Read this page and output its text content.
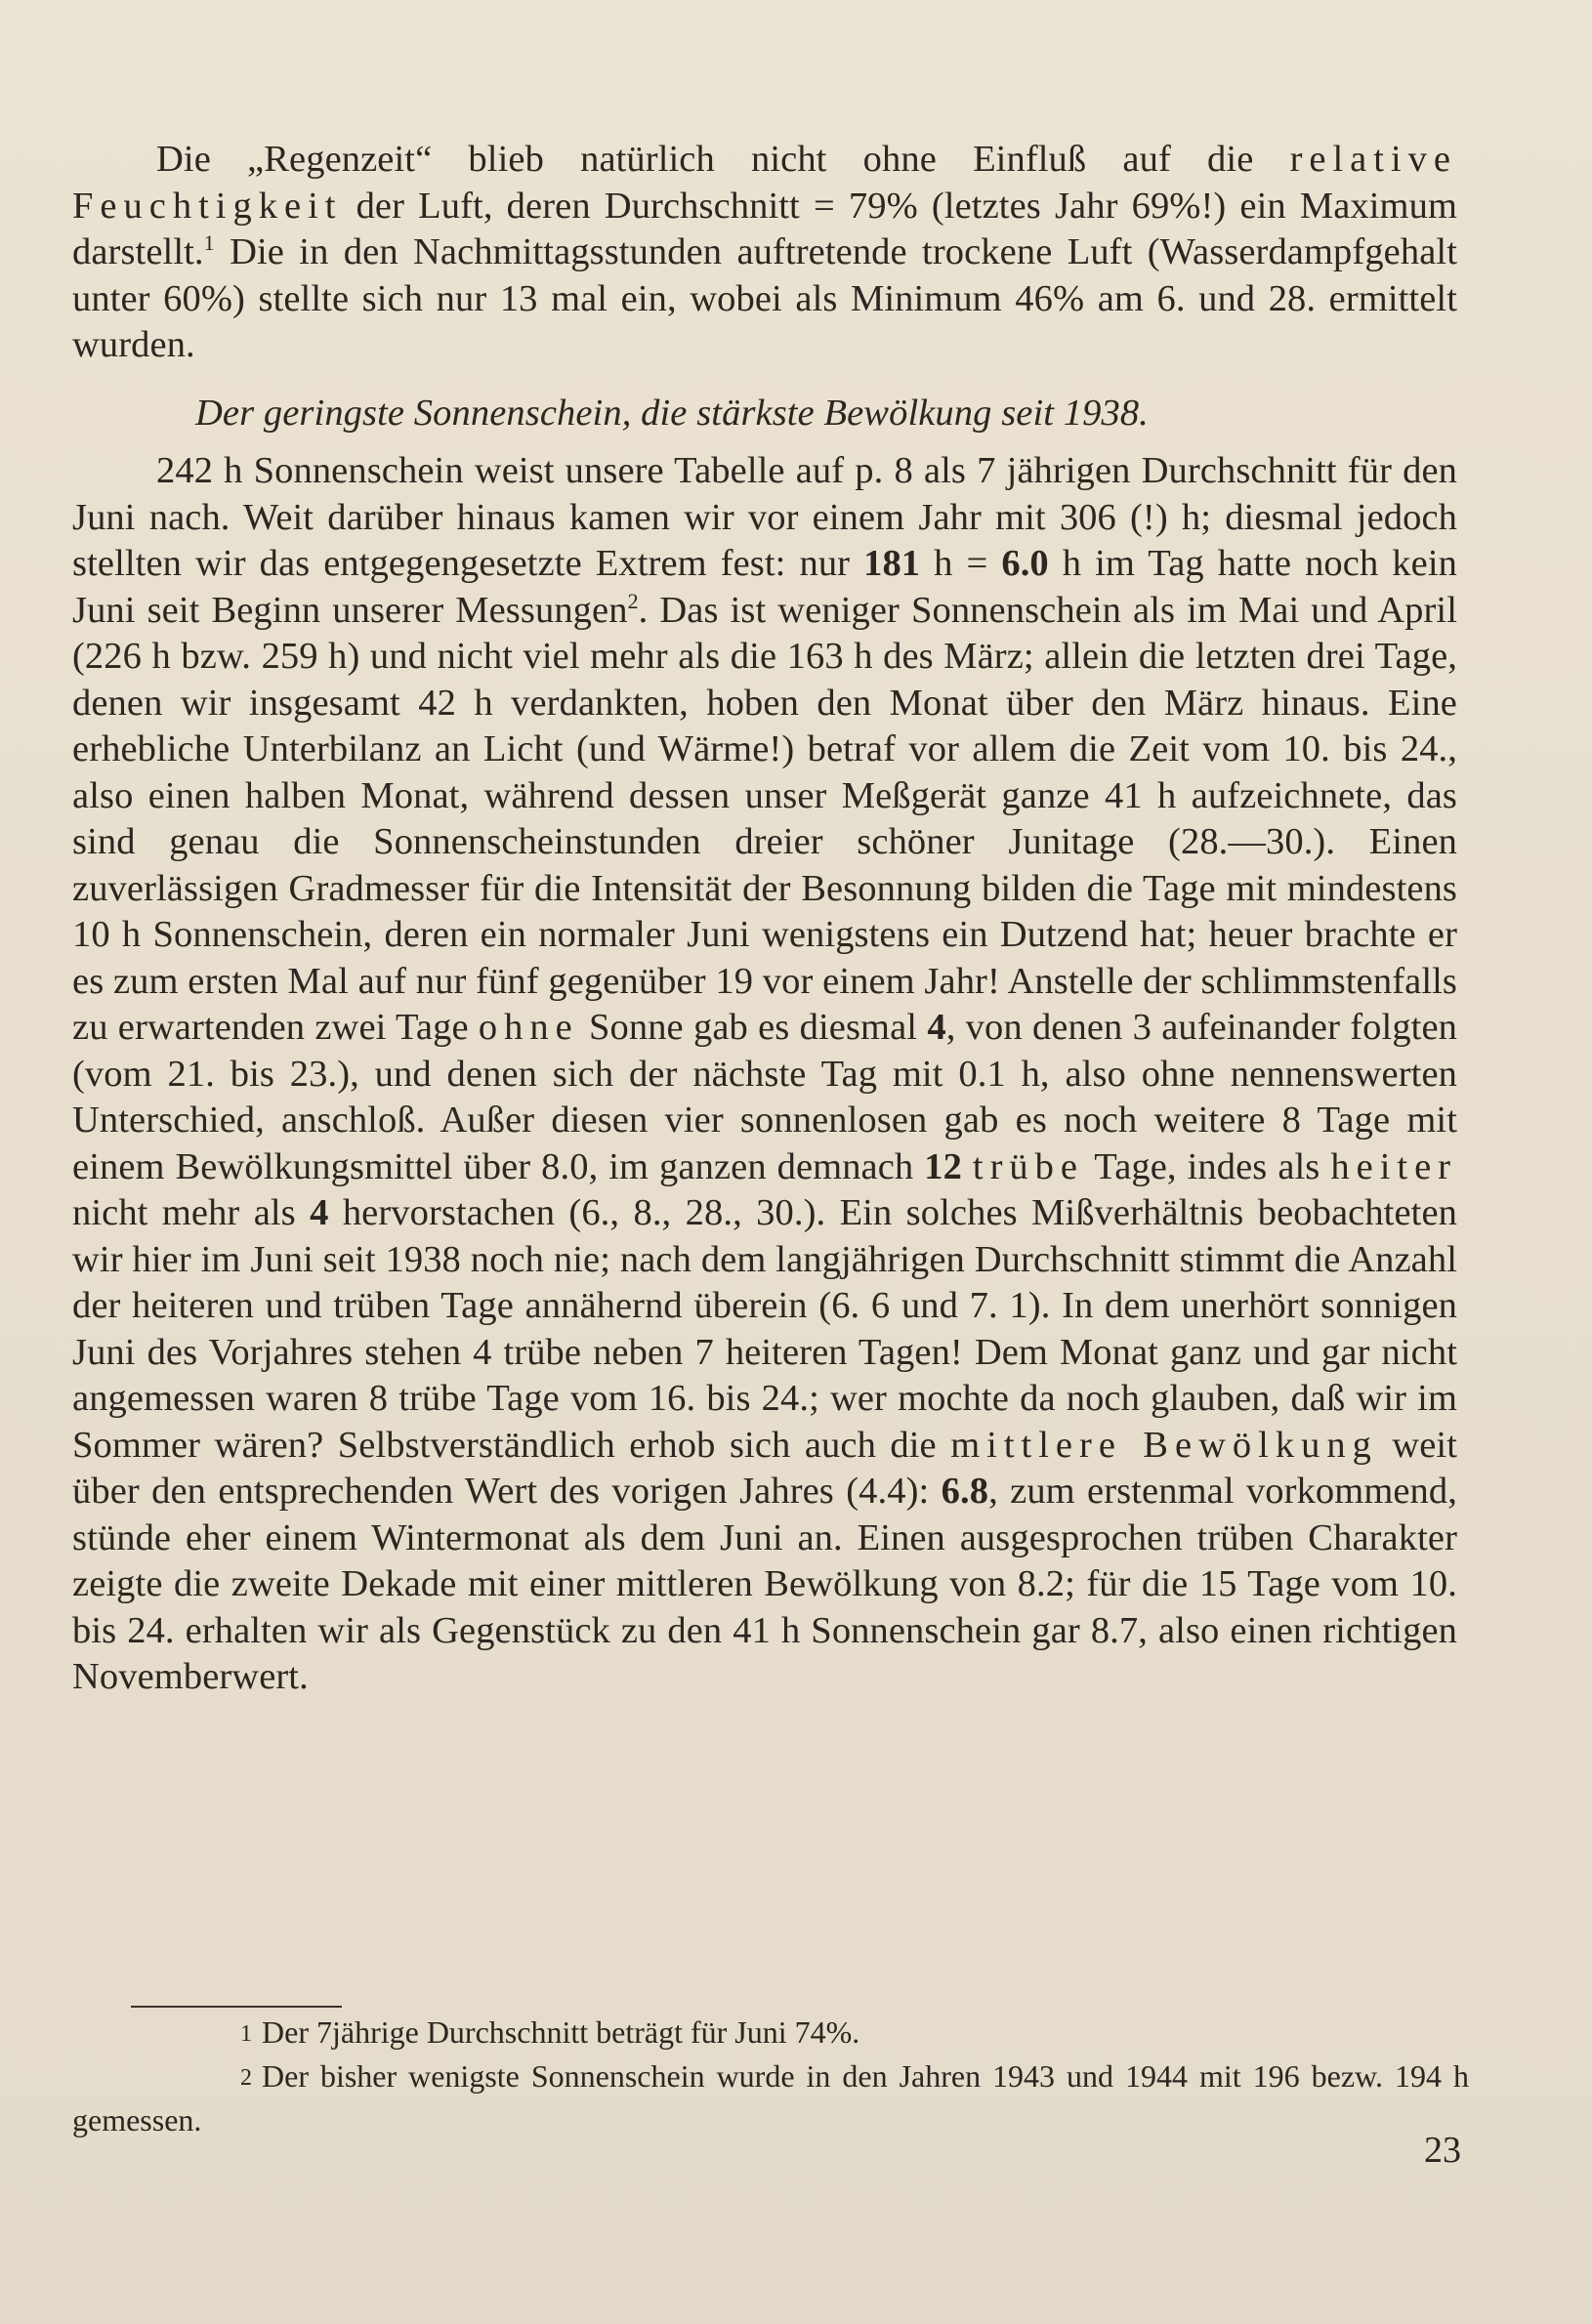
Die „Regenzeit“ blieb natürlich nicht ohne Einfluß auf die relative Feuchtigkeit der Luft, deren Durchschnitt = 79% (letztes Jahr 69%!) ein Maximum darstellt.$^1$ Die in den Nachmittagsstunden auftretende trockene Luft (Wasserdampfgehalt unter 60%) stellte sich nur 13 mal ein, wobei als Minimum 46% am 6. und 28. ermittelt wurden.

Der geringste Sonnenschein, die stärkste Bewölkung seit 1938.

242 h Sonnenschein weist unsere Tabelle auf p. 8 als 7 jährigen Durchschnitt für den Juni nach. Weit darüber hinaus kamen wir vor einem Jahr mit 306 (!) h; diesmal jedoch stellten wir das entgegengesetzte Extrem fest: nur 181 h = 6.0 h im Tag hatte noch kein Juni seit Beginn unserer Messungen$^2$. Das ist weniger Sonnenschein als im Mai und April (226 h bzw. 259 h) und nicht viel mehr als die 163 h des März; allein die letzten drei Tage, denen wir insgesamt 42 h verdankten, hoben den Monat über den März hinaus. Eine erhebliche Unterbilanz an Licht (und Wärme!) betraf vor allem die Zeit vom 10. bis 24., also einen halben Monat, während dessen unser Meßgerät ganze 41 h aufzeichnete, das sind genau die Sonnenscheinstunden dreier schöner Junitage (28.—30.). Einen zuverlässigen Gradmesser für die Intensität der Besonnung bilden die Tage mit mindestens 10 h Sonnenschein, deren ein normaler Juni wenigstens ein Dutzend hat; heuer brachte er es zum ersten Mal auf nur fünf gegenüber 19 vor einem Jahr! Anstelle der schlimmstenfalls zu erwartenden zwei Tage ohne Sonne gab es diesmal 4, von denen 3 aufeinander folgten (vom 21. bis 23.), und denen sich der nächste Tag mit 0.1 h, also ohne nennenswerten Unterschied, anschloß. Außer diesen vier sonnenlosen gab es noch weitere 8 Tage mit einem Bewölkungsmittel über 8.0, im ganzen demnach 12 trübe Tage, indes als heiter nicht mehr als 4 hervorstachen (6., 8., 28., 30.). Ein solches Mißverhältnis beobachteten wir hier im Juni seit 1938 noch nie; nach dem langjährigen Durchschnitt stimmt die Anzahl der heiteren und trüben Tage annähernd überein (6. 6 und 7. 1). In dem unerhört sonnigen Juni des Vorjahres stehen 4 trübe neben 7 heiteren Tagen! Dem Monat ganz und gar nicht angemessen waren 8 trübe Tage vom 16. bis 24.; wer mochte da noch glauben, daß wir im Sommer wären? Selbstverständlich erhob sich auch die mittlere Bewölkung weit über den entsprechenden Wert des vorigen Jahres (4.4): 6.8, zum erstenmal vorkommend, stünde eher einem Wintermonat als dem Juni an. Einen ausgesprochen trüben Charakter zeigte die zweite Dekade mit einer mittleren Bewölkung von 8.2; für die 15 Tage vom 10. bis 24. erhalten wir als Gegenstück zu den 41 h Sonnenschein gar 8.7, also einen richtigen Novemberwert.

1 Der 7jährige Durchschnitt beträgt für Juni 74%.

2 Der bisher wenigste Sonnenschein wurde in den Jahren 1943 und 1944 mit 196 bezw. 194 h gemessen.

23
